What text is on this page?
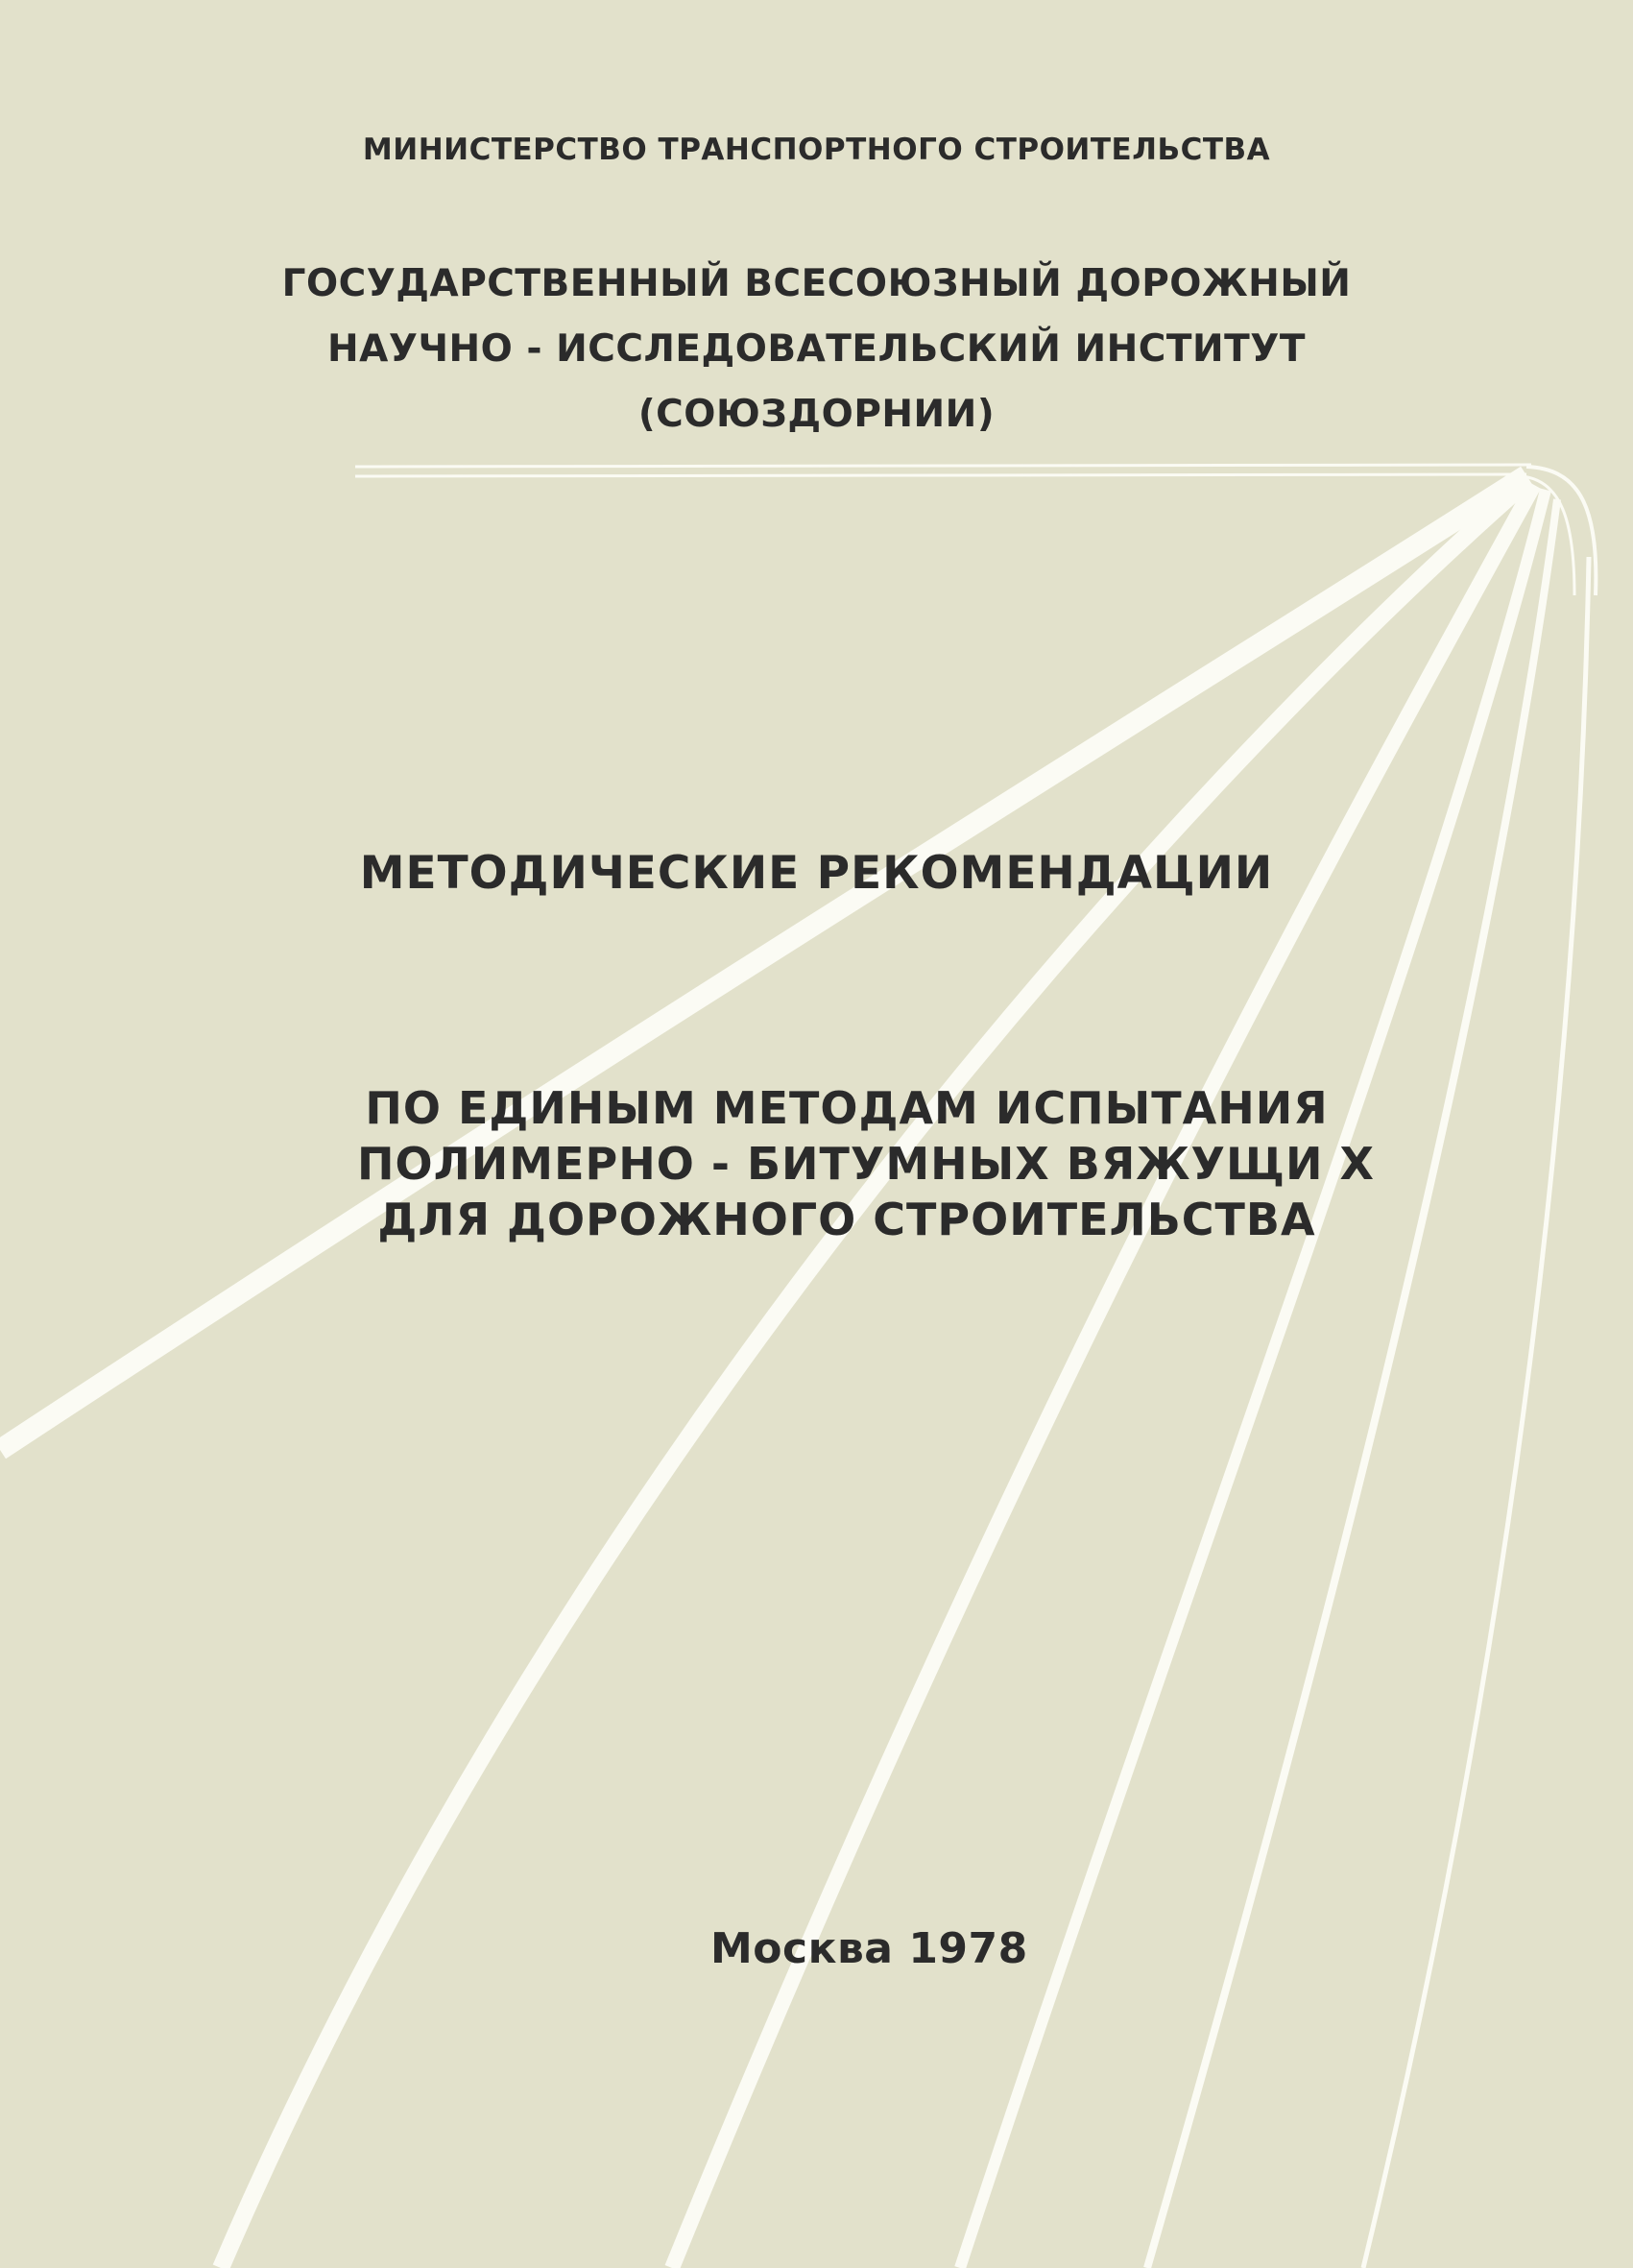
МИНИСТЕРСТВО ТРАНСПОРТНОГО СТРОИТЕЛЬСТВА

ГОСУДАРСТВЕННЫЙ ВСЕСОЮЗНЫЙ ДОРОЖНЫЙ
НАУЧНО - ИССЛЕДОВАТЕЛЬСКИЙ ИНСТИТУТ
(СОЮЗДОРНИИ)

МЕТОДИЧЕСКИЕ РЕКОМЕНДАЦИИ

ПО ЕДИНЫМ МЕТОДАМ ИСПЫТАНИЯ
ПОЛИМЕРНО - БИТУМНЫХ ВЯЖУЩИ Х
ДЛЯ ДОРОЖНОГО СТРОИТЕЛЬСТВА

Москва 1978
